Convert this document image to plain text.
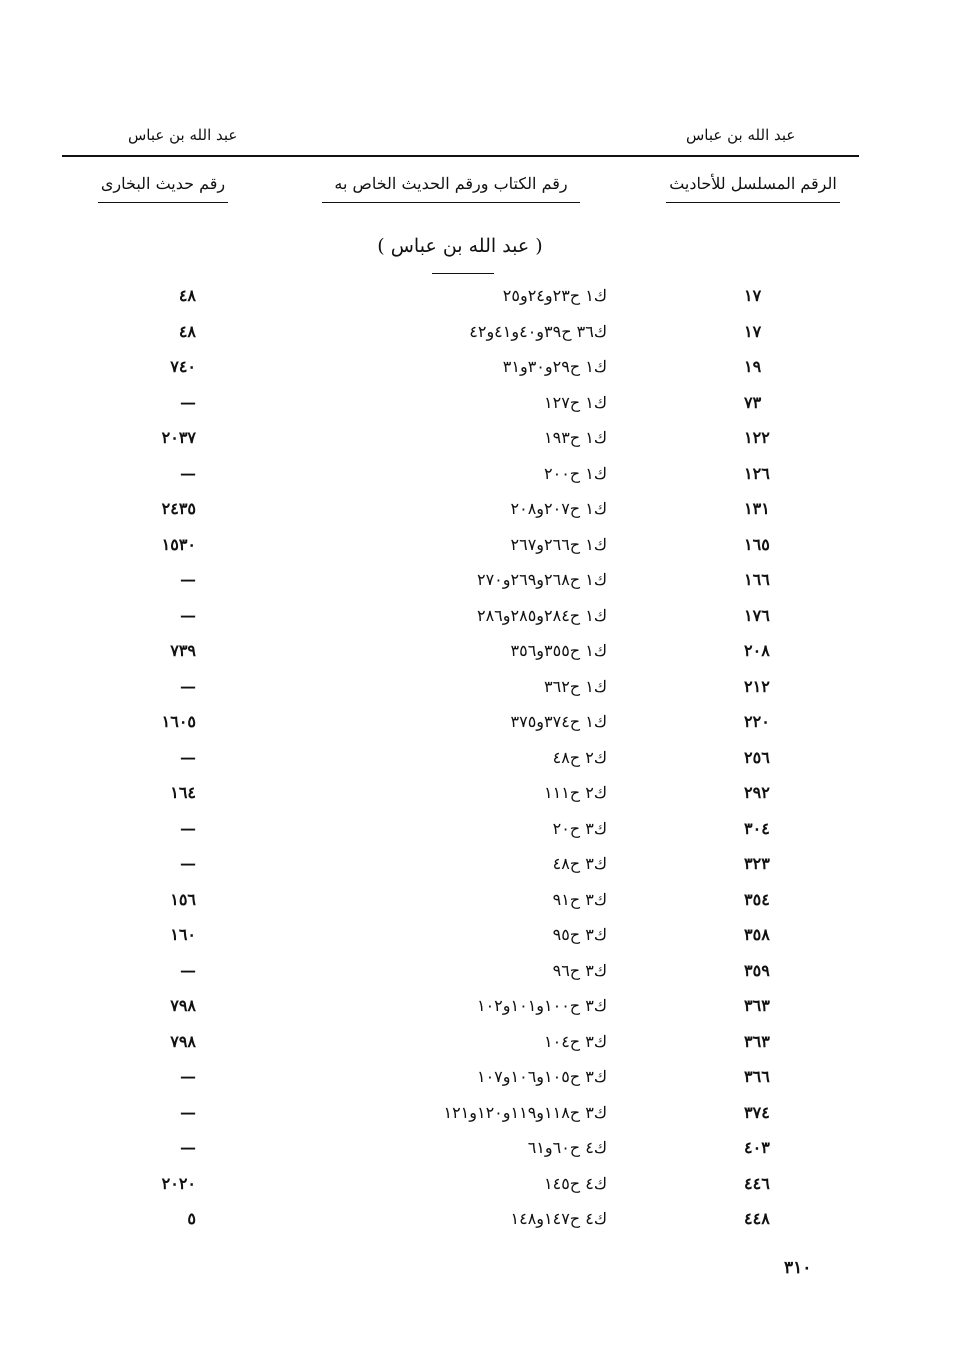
عبد الله بن عباس	عبد الله بن عباس
رقم حديث البخارى	رقم الكتاب ورقم الحديث الخاص به	الرقم المسلسل للأحاديث
( عبد الله بن عباس )
٤٨	ك١ ح٢٣و٢٤و٢٥	١٧
٤٨	ك٣٦ ح٣٩و٤٠و٤١و٤٢	١٧
٧٤٠	ك١ ح٢٩و٣٠و٣١	١٩
—	ك١ ح١٢٧	٧٣
٢٠٣٧	ك١ ح١٩٣	١٢٢
—	ك١ ح٢٠٠	١٢٦
٢٤٣٥	ك١ ح٢٠٧و٢٠٨	١٣١
١٥٣٠	ك١ ح٢٦٦و٢٦٧	١٦٥
—	ك١ ح٢٦٨و٢٦٩و٢٧٠	١٦٦
—	ك١ ح٢٨٤و٢٨٥و٢٨٦	١٧٦
٧٣٩	ك١ ح٣٥٥و٣٥٦	٢٠٨
—	ك١ ح٣٦٢	٢١٢
١٦٠٥	ك١ ح٣٧٤و٣٧٥	٢٢٠
—	ك٢ ح٤٨	٢٥٦
١٦٤	ك٢ ح١١١	٢٩٢
—	ك٣ ح٢٠	٣٠٤
—	ك٣ ح٤٨	٣٢٣
١٥٦	ك٣ ح٩١	٣٥٤
١٦٠	ك٣ ح٩٥	٣٥٨
—	ك٣ ح٩٦	٣٥٩
٧٩٨	ك٣ ح١٠٠و١٠١و١٠٢	٣٦٣
٧٩٨	ك٣ ح١٠٤	٣٦٣
—	ك٣ ح١٠٥و١٠٦و١٠٧	٣٦٦
—	ك٣ ح١١٨و١١٩و١٢٠و١٢١	٣٧٤
—	ك٤ ح٦٠و٦١	٤٠٣
٢٠٢٠	ك٤ ح١٤٥	٤٤٦
٥	ك٤ ح١٤٧و١٤٨	٤٤٨
٣١٠
